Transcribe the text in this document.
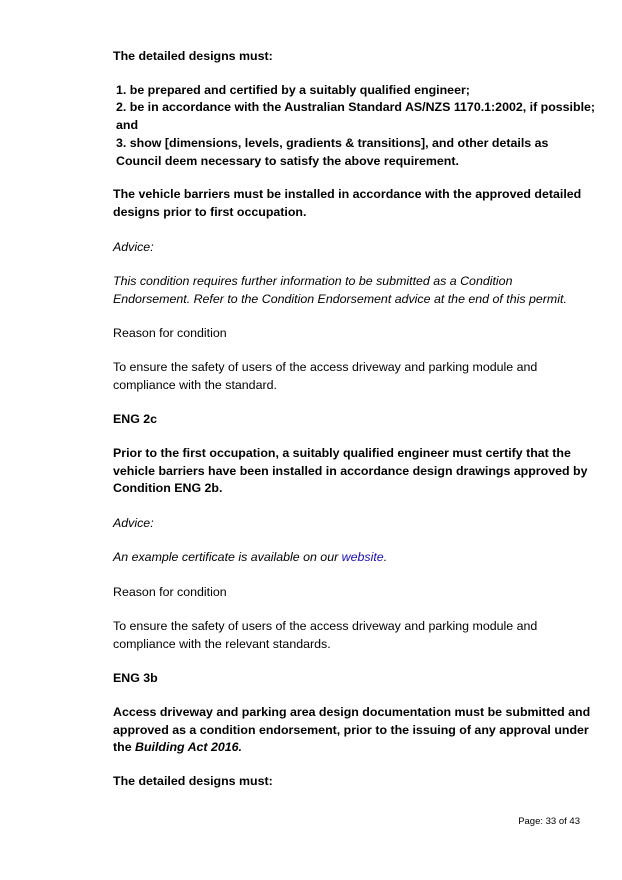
The detailed designs must:

1. be prepared and certified by a suitably qualified engineer;

2. be in accordance with the Australian Standard AS/NZS 1170.1:2002, if possible; and

3. show [dimensions, levels, gradients & transitions], and other details as Council deem necessary to satisfy the above requirement.

The vehicle barriers must be installed in accordance with the approved detailed designs prior to first occupation.

Advice:

This condition requires further information to be submitted as a Condition Endorsement. Refer to the Condition Endorsement advice at the end of this permit.

Reason for condition

To ensure the safety of users of the access driveway and parking module and compliance with the standard.

ENG 2c

Prior to the first occupation, a suitably qualified engineer must certify that the vehicle barriers have been installed in accordance design drawings approved by Condition ENG 2b.

Advice:

An example certificate is available on our website.

Reason for condition

To ensure the safety of users of the access driveway and parking module and compliance with the relevant standards.

ENG 3b

Access driveway and parking area design documentation must be submitted and approved as a condition endorsement, prior to the issuing of any approval under the Building Act 2016.

The detailed designs must:

Page: 33 of 43
